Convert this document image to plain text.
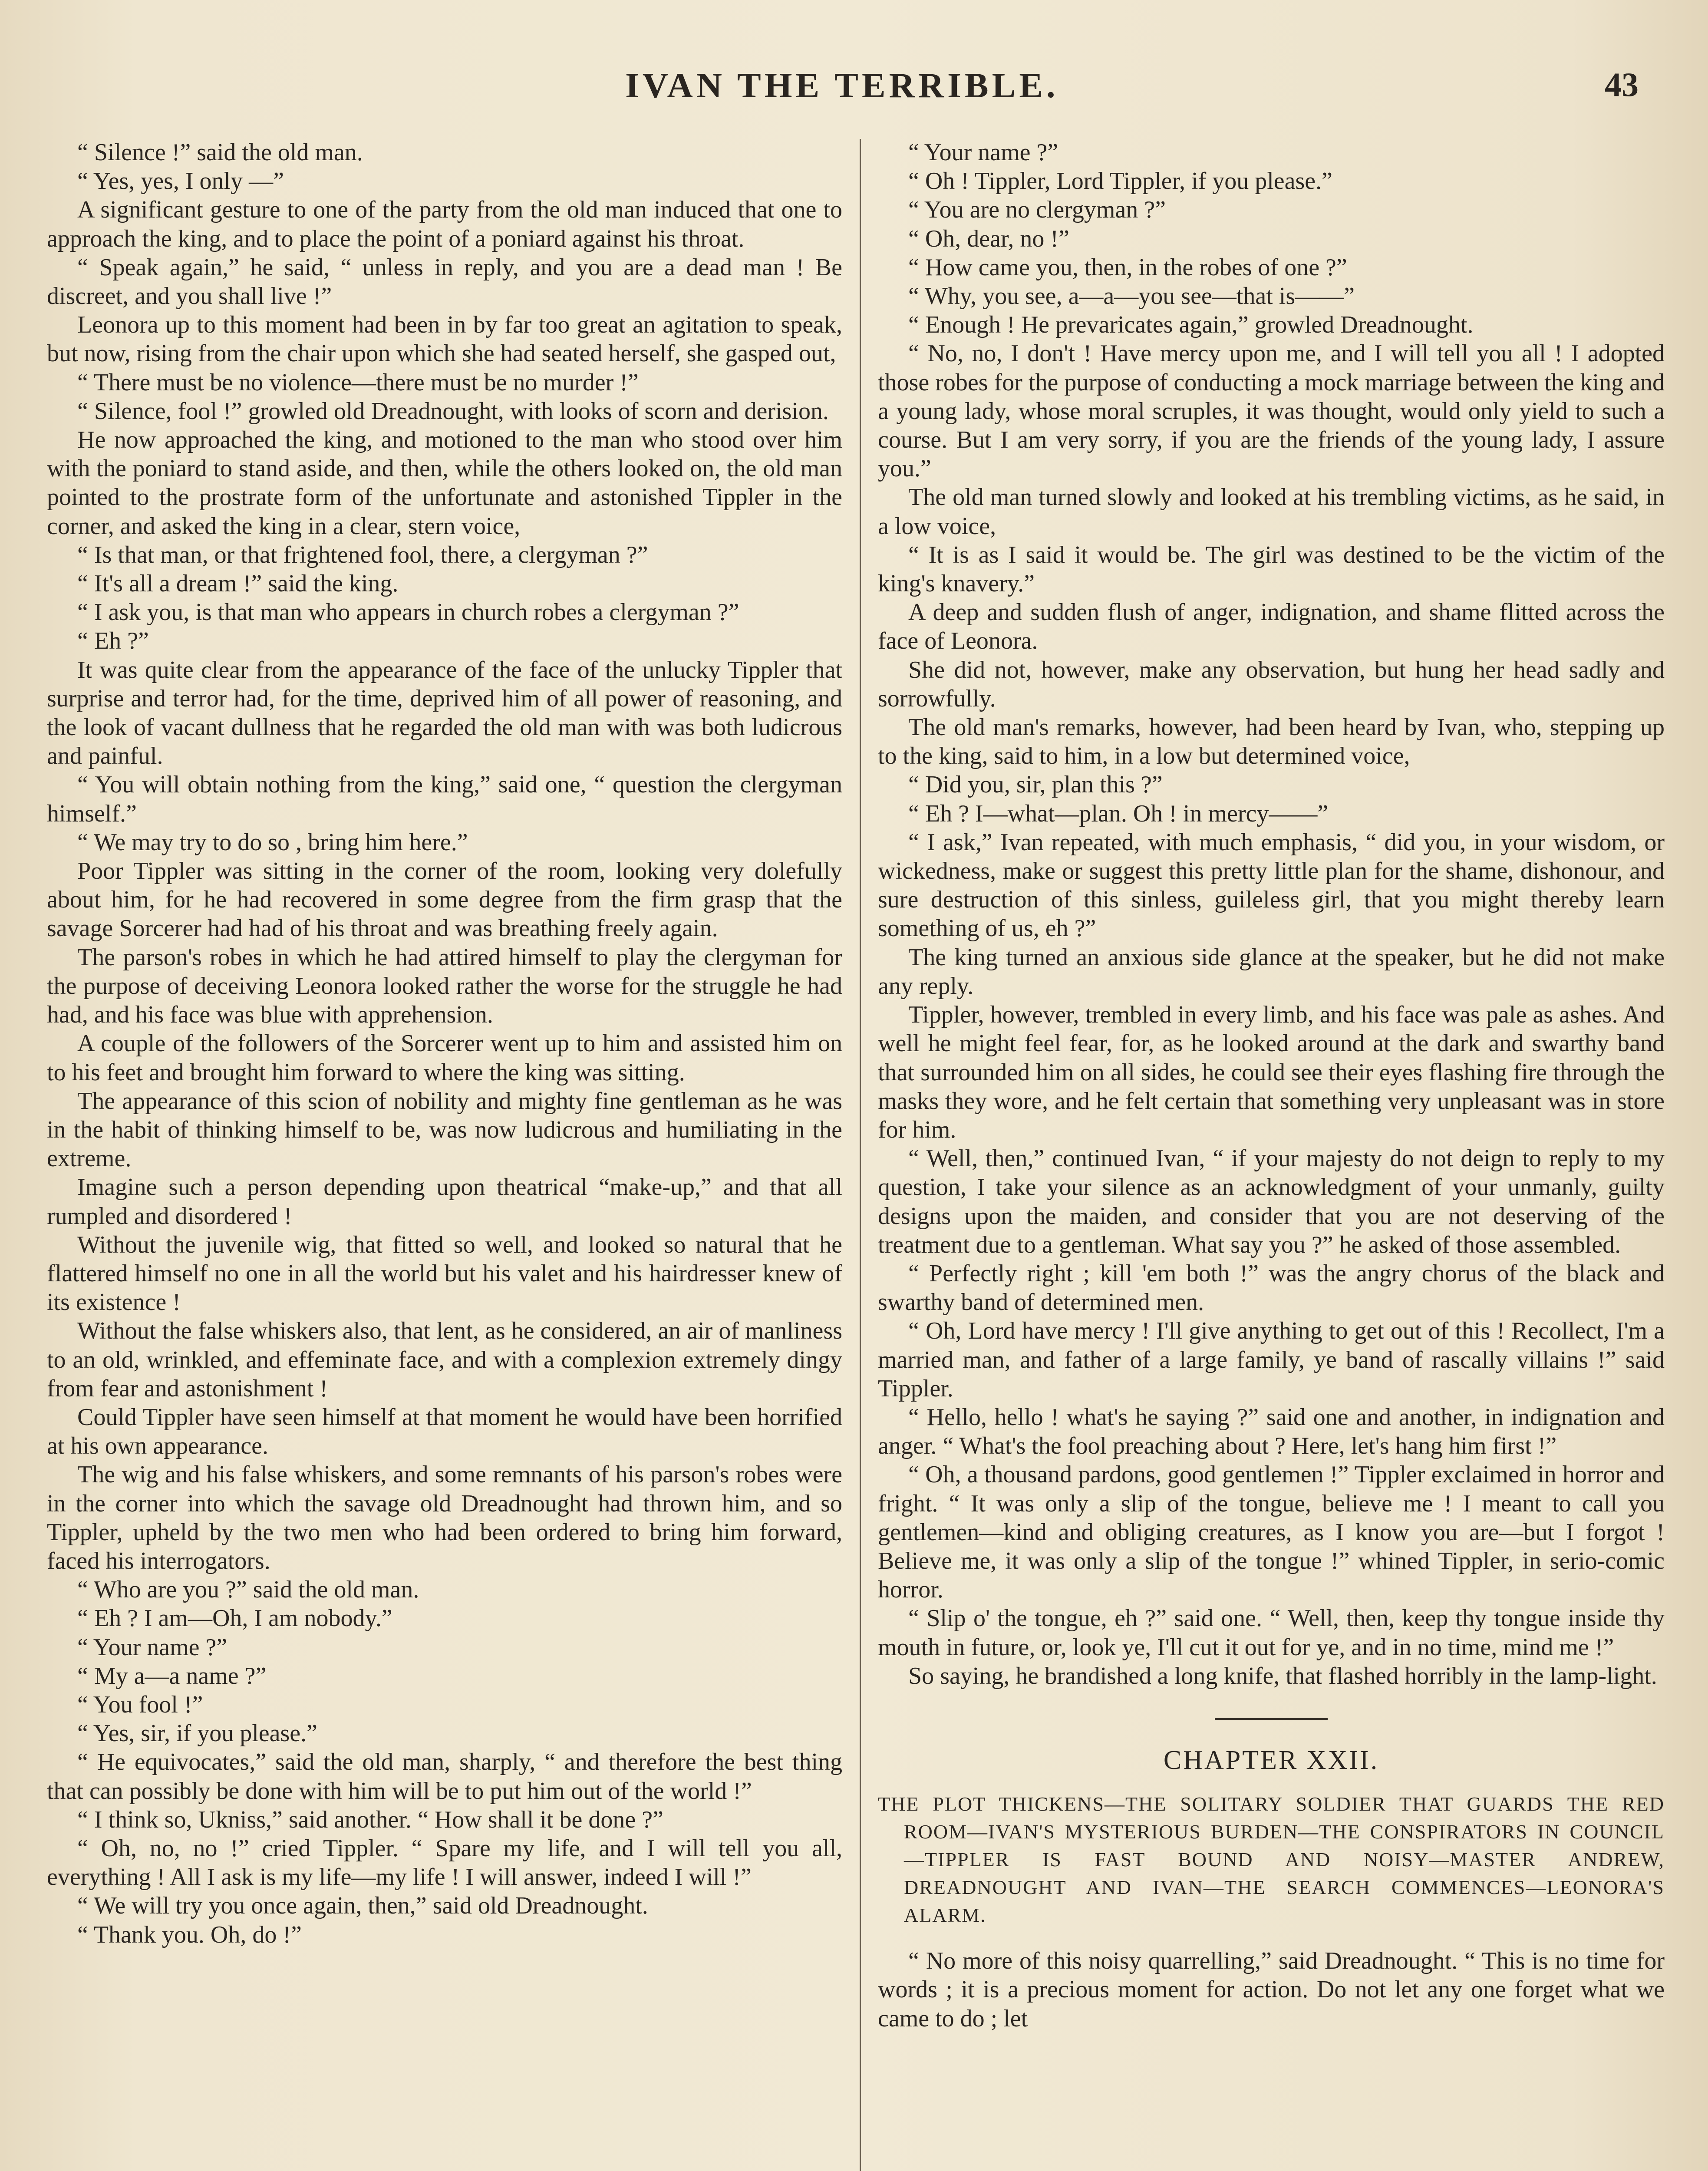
IVAN THE TERRIBLE.	43

“ Silence !” said the old man.

“ Yes, yes, I only —”

A significant gesture to one of the party from the old man induced that one to approach the king, and to place the point of a poniard against his throat.

“ Speak again,” he said, “ unless in reply, and you are a dead man ! Be discreet, and you shall live !”

Leonora up to this moment had been in by far too great an agitation to speak, but now, rising from the chair upon which she had seated herself, she gasped out,

“ There must be no violence—there must be no murder !”

“ Silence, fool !” growled old Dreadnought, with looks of scorn and derision.

He now approached the king, and motioned to the man who stood over him with the poniard to stand aside, and then, while the others looked on, the old man pointed to the prostrate form of the unfortunate and astonished Tippler in the corner, and asked the king in a clear, stern voice,

“ Is that man, or that frightened fool, there, a clergyman ?”

“ It's all a dream !” said the king.

“ I ask you, is that man who appears in church robes a clergyman ?”

“ Eh ?”

It was quite clear from the appearance of the face of the unlucky Tippler that surprise and terror had, for the time, deprived him of all power of reasoning, and the look of vacant dullness that he regarded the old man with was both ludicrous and painful.

“ You will obtain nothing from the king,” said one, “ question the clergyman himself.”

“ We may try to do so , bring him here.”

Poor Tippler was sitting in the corner of the room, looking very dolefully about him, for he had recovered in some degree from the firm grasp that the savage Sorcerer had had of his throat and was breathing freely again.

The parson's robes in which he had attired himself to play the clergyman for the purpose of deceiving Leonora looked rather the worse for the struggle he had had, and his face was blue with apprehension.

A couple of the followers of the Sorcerer went up to him and assisted him on to his feet and brought him forward to where the king was sitting.

The appearance of this scion of nobility and mighty fine gentleman as he was in the habit of thinking himself to be, was now ludicrous and humiliating in the extreme.

Imagine such a person depending upon theatrical “make-up,” and that all rumpled and disordered !

Without the juvenile wig, that fitted so well, and looked so natural that he flattered himself no one in all the world but his valet and his hairdresser knew of its existence !

Without the false whiskers also, that lent, as he considered, an air of manliness to an old, wrinkled, and effeminate face, and with a complexion extremely dingy from fear and astonishment !

Could Tippler have seen himself at that moment he would have been horrified at his own appearance.

The wig and his false whiskers, and some remnants of his parson's robes were in the corner into which the savage old Dreadnought had thrown him, and so Tippler, upheld by the two men who had been ordered to bring him forward, faced his interrogators.

“ Who are you ?” said the old man.

“ Eh ? I am—Oh, I am nobody.”

“ Your name ?”

“ My a—a name ?”

“ You fool !”

“ Yes, sir, if you please.”

“ He equivocates,” said the old man, sharply, “ and therefore the best thing that can possibly be done with him will be to put him out of the world !”

“ I think so, Ukniss,” said another. “ How shall it be done ?”

“ Oh, no, no !” cried Tippler. “ Spare my life, and I will tell you all, everything ! All I ask is my life—my life ! I will answer, indeed I will !”

“ We will try you once again, then,” said old Dreadnought.

“ Thank you. Oh, do !”

“ Your name ?”

“ Oh ! Tippler, Lord Tippler, if you please.”

“ You are no clergyman ?”

“ Oh, dear, no !”

“ How came you, then, in the robes of one ?”

“ Why, you see, a—a—you see—that is——”

“ Enough ! He prevaricates again,” growled Dreadnought.

“ No, no, I don't ! Have mercy upon me, and I will tell you all ! I adopted those robes for the purpose of conducting a mock marriage between the king and a young lady, whose moral scruples, it was thought, would only yield to such a course. But I am very sorry, if you are the friends of the young lady, I assure you.”

The old man turned slowly and looked at his trembling victims, as he said, in a low voice,

“ It is as I said it would be. The girl was destined to be the victim of the king's knavery.”

A deep and sudden flush of anger, indignation, and shame flitted across the face of Leonora.

She did not, however, make any observation, but hung her head sadly and sorrowfully.

The old man's remarks, however, had been heard by Ivan, who, stepping up to the king, said to him, in a low but determined voice,

“ Did you, sir, plan this ?”

“ Eh ? I—what—plan. Oh ! in mercy——”

“ I ask,” Ivan repeated, with much emphasis, “ did you, in your wisdom, or wickedness, make or suggest this pretty little plan for the shame, dishonour, and sure destruction of this sinless, guileless girl, that you might thereby learn something of us, eh ?”

The king turned an anxious side glance at the speaker, but he did not make any reply.

Tippler, however, trembled in every limb, and his face was pale as ashes. And well he might feel fear, for, as he looked around at the dark and swarthy band that surrounded him on all sides, he could see their eyes flashing fire through the masks they wore, and he felt certain that something very unpleasant was in store for him.

“ Well, then,” continued Ivan, “ if your majesty do not deign to reply to my question, I take your silence as an acknowledgment of your unmanly, guilty designs upon the maiden, and consider that you are not deserving of the treatment due to a gentleman. What say you ?” he asked of those assembled.

“ Perfectly right ; kill 'em both !” was the angry chorus of the black and swarthy band of determined men.

“ Oh, Lord have mercy ! I'll give anything to get out of this ! Recollect, I'm a married man, and father of a large family, ye band of rascally villains !” said Tippler.

“ Hello, hello ! what's he saying ?” said one and another, in indignation and anger. “ What's the fool preaching about ? Here, let's hang him first !”

“ Oh, a thousand pardons, good gentlemen !” Tippler exclaimed in horror and fright. “ It was only a slip of the tongue, believe me ! I meant to call you gentlemen—kind and obliging creatures, as I know you are—but I forgot ! Believe me, it was only a slip of the tongue !” whined Tippler, in serio-comic horror.

“ Slip o' the tongue, eh ?” said one. “ Well, then, keep thy tongue inside thy mouth in future, or, look ye, I'll cut it out for ye, and in no time, mind me !”

So saying, he brandished a long knife, that flashed horribly in the lamp-light.

CHAPTER XXII.
THE PLOT THICKENS—THE SOLITARY SOLDIER THAT GUARDS THE RED ROOM—IVAN'S MYSTERIOUS BURDEN—THE CONSPIRATORS IN COUNCIL—TIPPLER IS FAST BOUND AND NOISY—MASTER ANDREW, DREADNOUGHT AND IVAN—THE SEARCH COMMENCES—LEONORA'S ALARM.

“ No more of this noisy quarrelling,” said Dreadnought. “ This is no time for words ; it is a precious moment for action. Do not let any one forget what we came to do ; let
